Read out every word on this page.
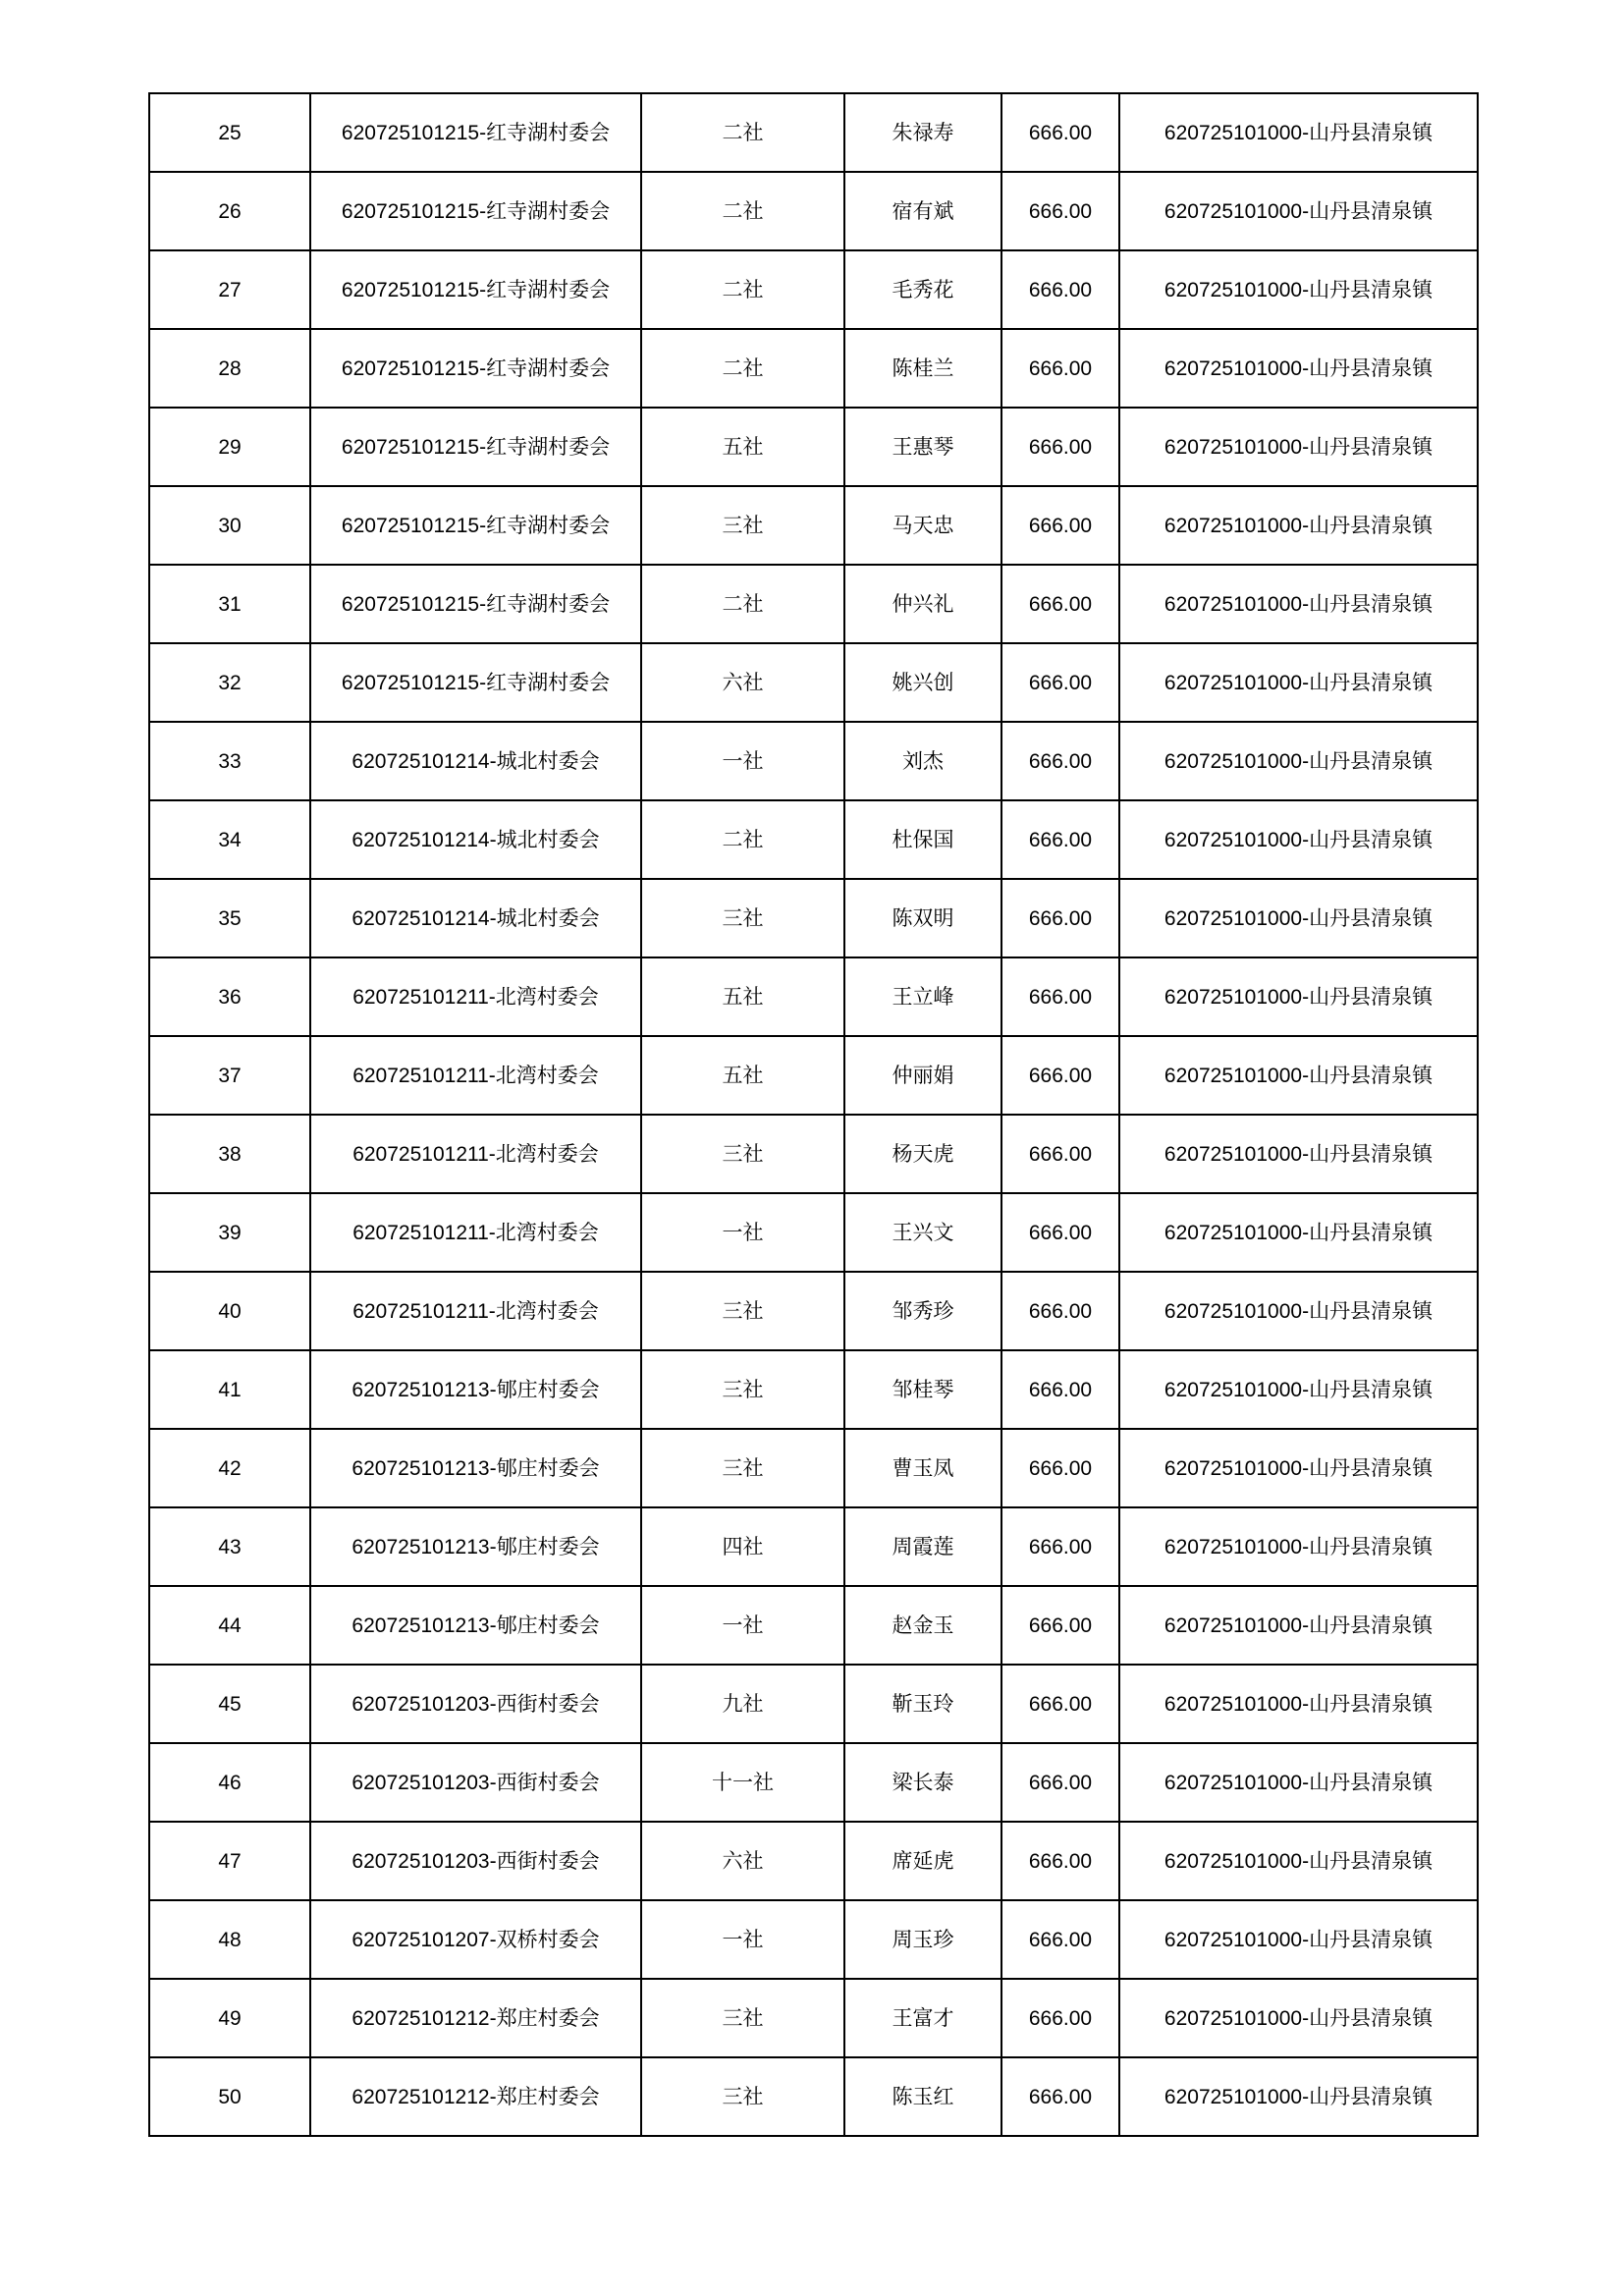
25	620725101215-红寺湖村委会	二社	朱禄寿	666.00	620725101000-山丹县清泉镇
26	620725101215-红寺湖村委会	二社	宿有斌	666.00	620725101000-山丹县清泉镇
27	620725101215-红寺湖村委会	二社	毛秀花	666.00	620725101000-山丹县清泉镇
28	620725101215-红寺湖村委会	二社	陈桂兰	666.00	620725101000-山丹县清泉镇
29	620725101215-红寺湖村委会	五社	王惠琴	666.00	620725101000-山丹县清泉镇
30	620725101215-红寺湖村委会	三社	马天忠	666.00	620725101000-山丹县清泉镇
31	620725101215-红寺湖村委会	二社	仲兴礼	666.00	620725101000-山丹县清泉镇
32	620725101215-红寺湖村委会	六社	姚兴创	666.00	620725101000-山丹县清泉镇
33	620725101214-城北村委会	一社	刘杰	666.00	620725101000-山丹县清泉镇
34	620725101214-城北村委会	二社	杜保国	666.00	620725101000-山丹县清泉镇
35	620725101214-城北村委会	三社	陈双明	666.00	620725101000-山丹县清泉镇
36	620725101211-北湾村委会	五社	王立峰	666.00	620725101000-山丹县清泉镇
37	620725101211-北湾村委会	五社	仲丽娟	666.00	620725101000-山丹县清泉镇
38	620725101211-北湾村委会	三社	杨天虎	666.00	620725101000-山丹县清泉镇
39	620725101211-北湾村委会	一社	王兴文	666.00	620725101000-山丹县清泉镇
40	620725101211-北湾村委会	三社	邹秀珍	666.00	620725101000-山丹县清泉镇
41	620725101213-郇庄村委会	三社	邹桂琴	666.00	620725101000-山丹县清泉镇
42	620725101213-郇庄村委会	三社	曹玉凤	666.00	620725101000-山丹县清泉镇
43	620725101213-郇庄村委会	四社	周霞莲	666.00	620725101000-山丹县清泉镇
44	620725101213-郇庄村委会	一社	赵金玉	666.00	620725101000-山丹县清泉镇
45	620725101203-西街村委会	九社	靳玉玲	666.00	620725101000-山丹县清泉镇
46	620725101203-西街村委会	十一社	梁长泰	666.00	620725101000-山丹县清泉镇
47	620725101203-西街村委会	六社	席延虎	666.00	620725101000-山丹县清泉镇
48	620725101207-双桥村委会	一社	周玉珍	666.00	620725101000-山丹县清泉镇
49	620725101212-郑庄村委会	三社	王富才	666.00	620725101000-山丹县清泉镇
50	620725101212-郑庄村委会	三社	陈玉红	666.00	620725101000-山丹县清泉镇
